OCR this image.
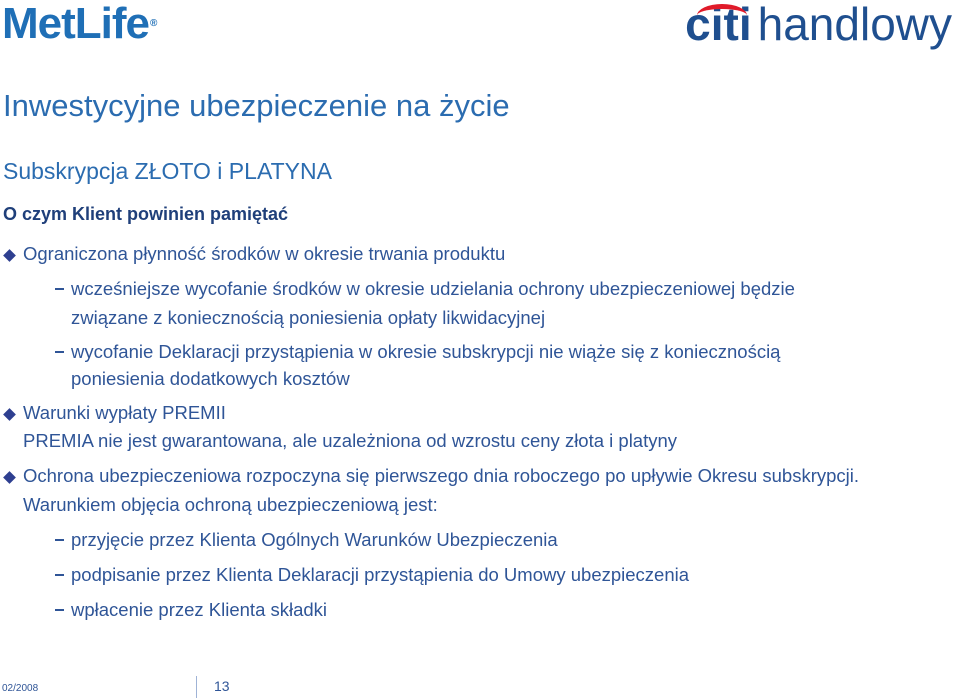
MetLife®	citi handlowy
Inwestycyjne ubezpieczenie na życie
Subskrypcja ZŁOTO i PLATYNA
O czym Klient powinien pamiętać
Ograniczona płynność środków w okresie trwania produktu
wcześniejsze wycofanie środków w okresie udzielania ochrony ubezpieczeniowej będzie
związane z koniecznością poniesienia opłaty likwidacyjnej
wycofanie Deklaracji przystąpienia w okresie subskrypcji nie wiąże się z koniecznością
poniesienia dodatkowych kosztów
Warunki wypłaty PREMII
PREMIA nie jest gwarantowana, ale uzależniona od wzrostu ceny złota i platyny
Ochrona ubezpieczeniowa rozpoczyna się pierwszego dnia roboczego po upływie Okresu subskrypcji.
Warunkiem objęcia ochroną ubezpieczeniową jest:
przyjęcie przez Klienta Ogólnych Warunków Ubezpieczenia
podpisanie przez Klienta Deklaracji przystąpienia do Umowy ubezpieczenia
wpłacenie przez Klienta składki
02/2008	13
